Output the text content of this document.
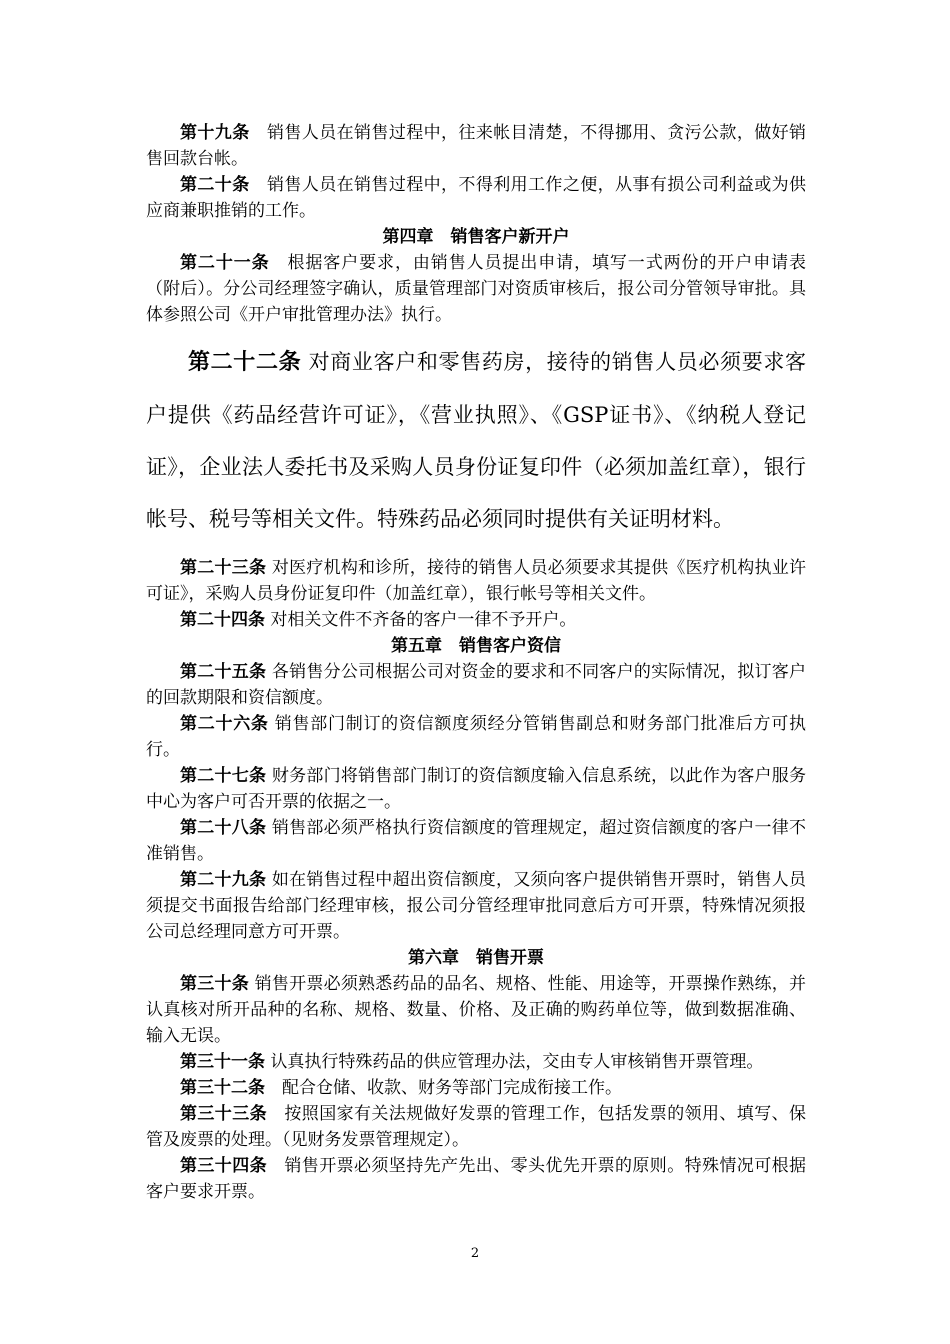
第十九条　 销售人员在销售过程中，往来帐目清楚，不得挪用、贪污公款，做好销售回款台帐。

第二十条　 销售人员在销售过程中，不得利用工作之便，从事有损公司利益或为供应商兼职推销的工作。

第四章　销售客户新开户

第二十一条　 根据客户要求，由销售人员提出申请，填写一式两份的开户申请表（附后）。分公司经理签字确认，质量管理部门对资质审核后，报公司分管领导审批。具体参照公司《开户审批管理办法》执行。

第二十二条 对商业客户和零售药房，接待的销售人员必须要求客户提供《药品经营许可证》，《营业执照》、《GSP证书》、《纳税人登记证》，企业法人委托书及采购人员身份证复印件（必须加盖红章），银行帐号、税号等相关文件。特殊药品必须同时提供有关证明材料。

第二十三条 对医疗机构和诊所，接待的销售人员必须要求其提供《医疗机构执业许可证》，采购人员身份证复印件（加盖红章），银行帐号等相关文件。

第二十四条 对相关文件不齐备的客户一律不予开户。

第五章　销售客户资信

第二十五条 各销售分公司根据公司对资金的要求和不同客户的实际情况，拟订客户的回款期限和资信额度。

第二十六条 销售部门制订的资信额度须经分管销售副总和财务部门批准后方可执行。

第二十七条 财务部门将销售部门制订的资信额度输入信息系统，以此作为客户服务中心为客户可否开票的依据之一。

第二十八条 销售部必须严格执行资信额度的管理规定，超过资信额度的客户一律不准销售。

第二十九条 如在销售过程中超出资信额度，又须向客户提供销售开票时，销售人员须提交书面报告给部门经理审核，报公司分管经理审批同意后方可开票，特殊情况须报公司总经理同意方可开票。

第六章　销售开票

第三十条 销售开票必须熟悉药品的品名、规格、性能、用途等，开票操作熟练，并认真核对所开品种的名称、规格、数量、价格、及正确的购药单位等，做到数据准确、输入无误。

第三十一条 认真执行特殊药品的供应管理办法，交由专人审核销售开票管理。

第三十二条　 配合仓储、收款、财务等部门完成衔接工作。

第三十三条　 按照国家有关法规做好发票的管理工作，包括发票的领用、填写、保管及废票的处理。（见财务发票管理规定）。

第三十四条　 销售开票必须坚持先产先出、零头优先开票的原则。特殊情况可根据客户要求开票。

2
